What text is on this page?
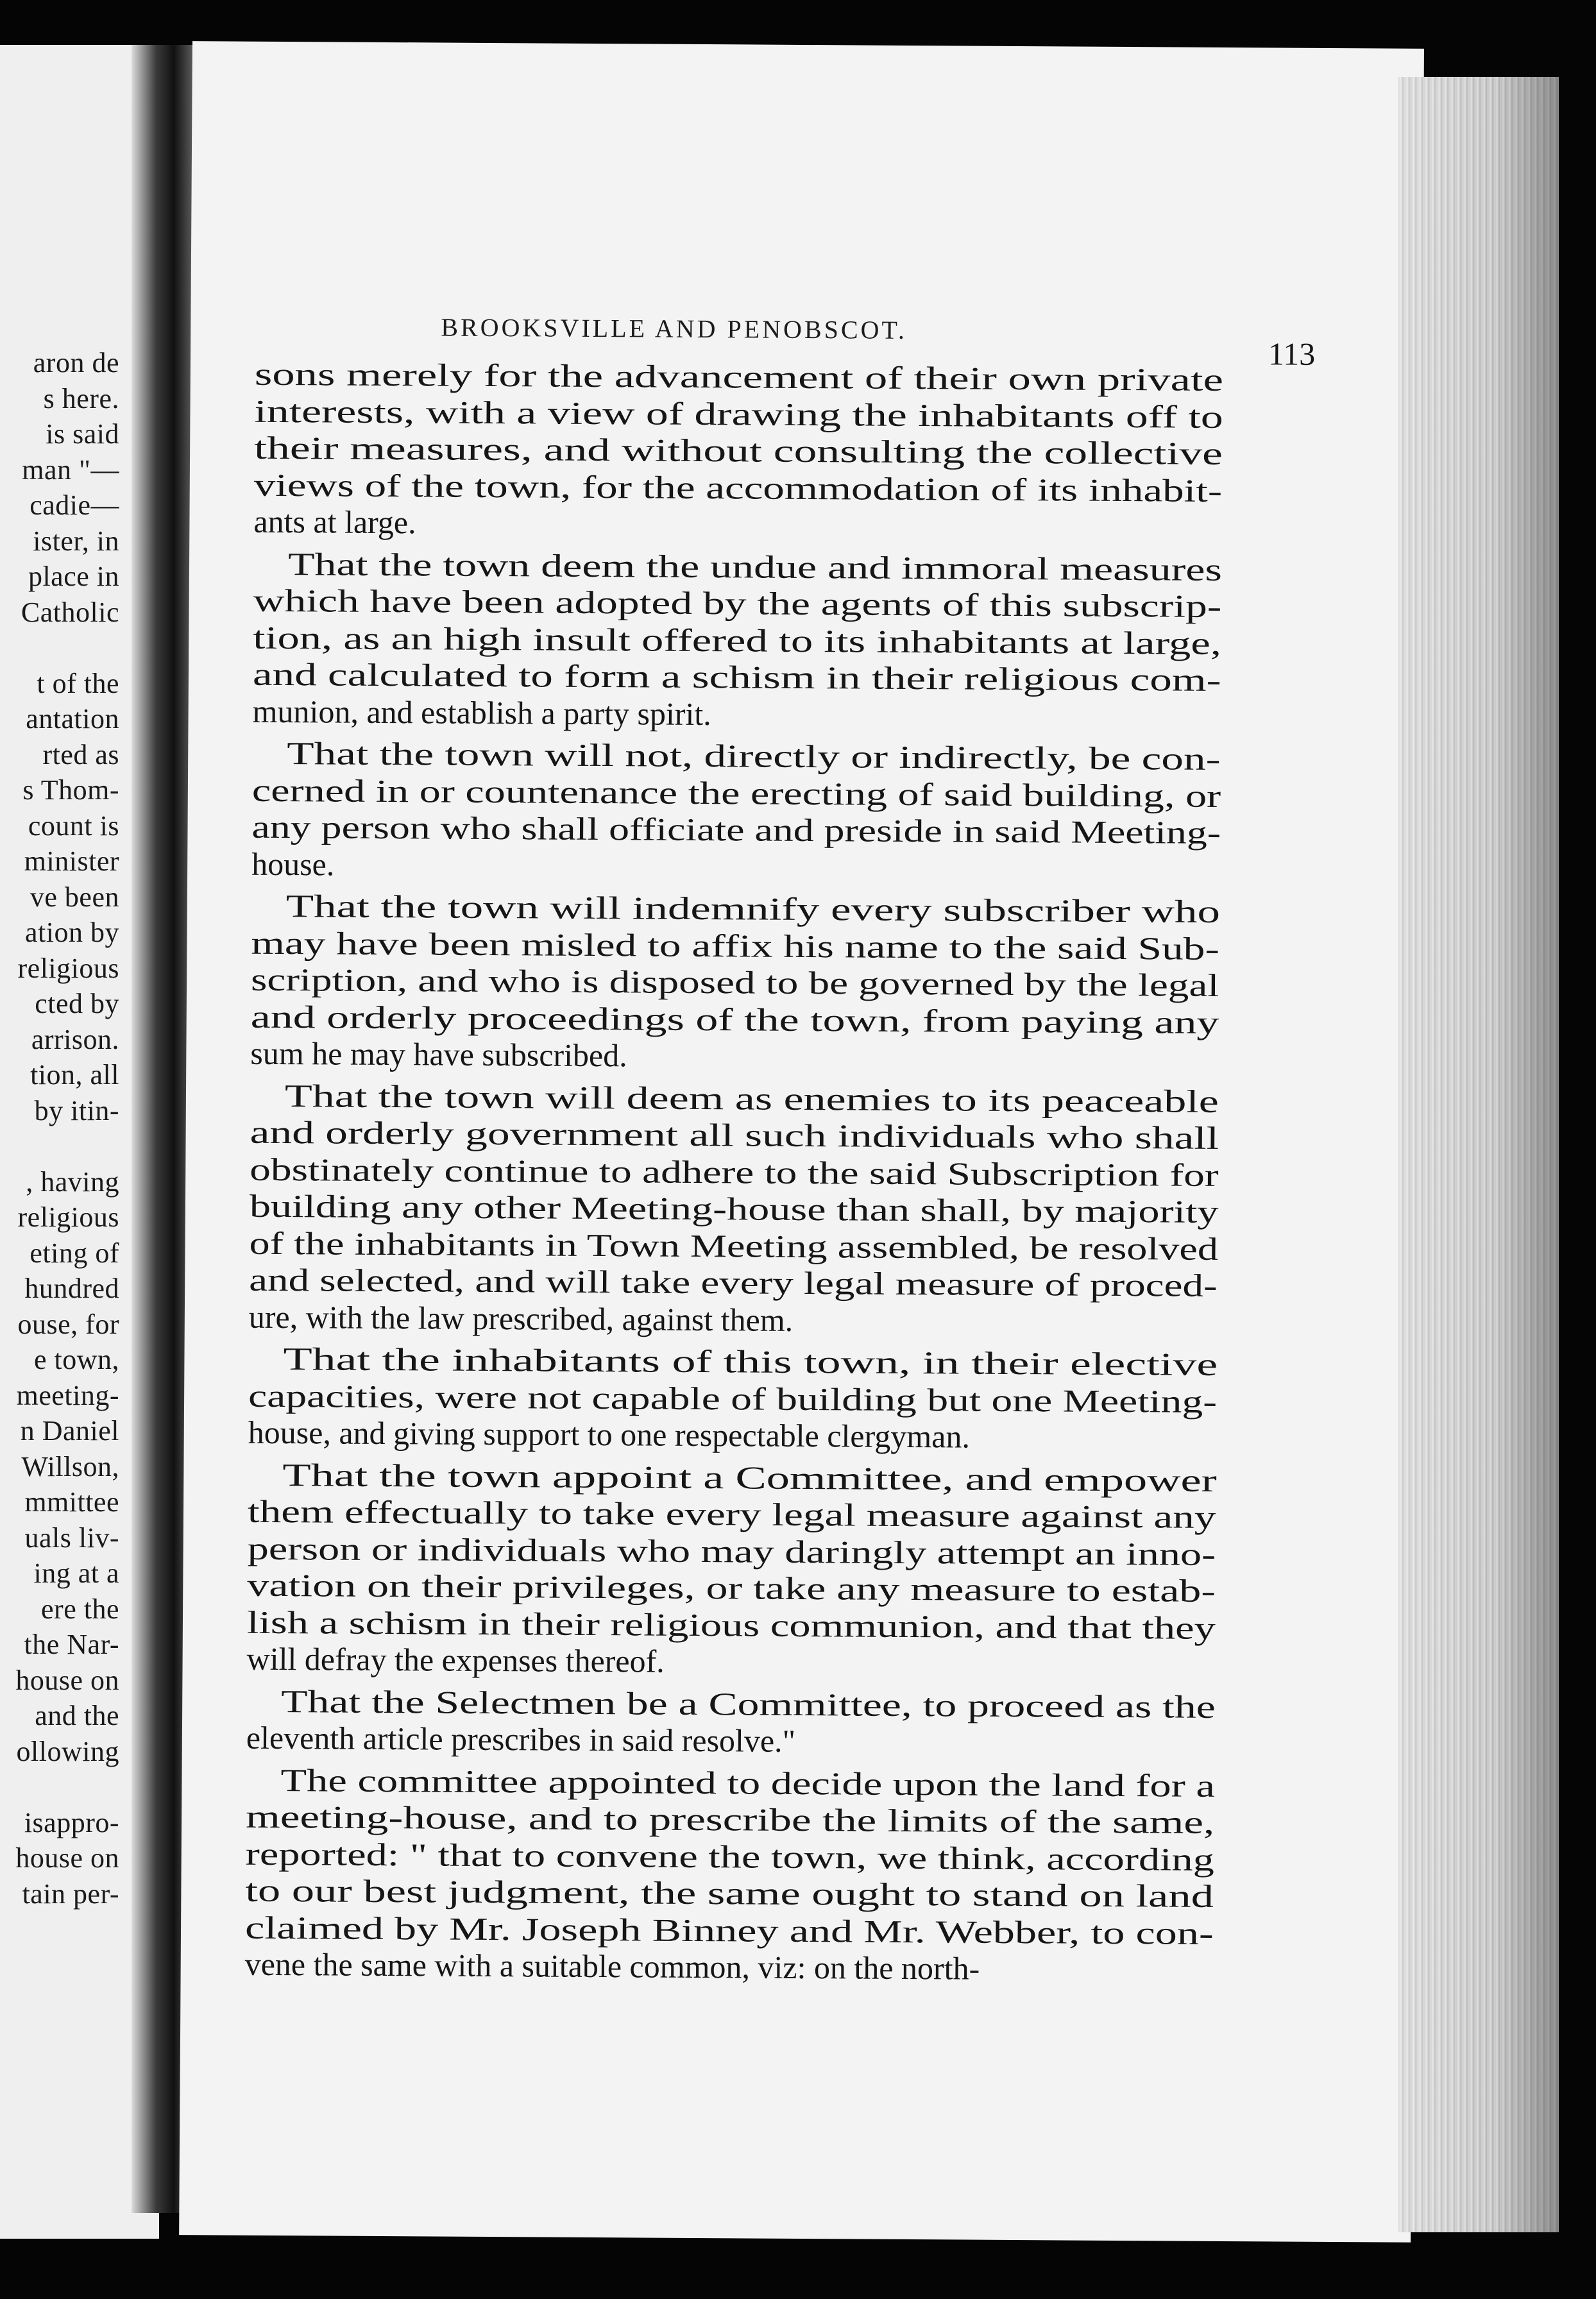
aron de
s here.
is said
man "—
cadie—
ister, in
place in
Catholic
t of the
antation
rted as
s Thom-
count is
minister
ve been
ation by
religious
cted by
arrison.
tion, all
by itin-
, having
religious
eting of
hundred
ouse, for
e town,
meeting-
n Daniel
Willson,
mmittee
uals liv-
ing at a
ere the
the Nar-
house on
and the
ollowing
isappro-
house on
tain per-
BROOKSVILLE AND PENOBSCOT.
113
sons merely for the advancement of their own private
interests, with a view of drawing the inhabitants off to
their measures, and without consulting the collective
views of the town, for the accommodation of its inhabit-
ants at large.
That the town deem the undue and immoral measures
which have been adopted by the agents of this subscrip-
tion, as an high insult offered to its inhabitants at large,
and calculated to form a schism in their religious com-
munion, and establish a party spirit.
That the town will not, directly or indirectly, be con-
cerned in or countenance the erecting of said building, or
any person who shall officiate and preside in said Meeting-
house.
That the town will indemnify every subscriber who
may have been misled to affix his name to the said Sub-
scription, and who is disposed to be governed by the legal
and orderly proceedings of the town, from paying any
sum he may have subscribed.
That the town will deem as enemies to its peaceable
and orderly government all such individuals who shall
obstinately continue to adhere to the said Subscription for
building any other Meeting-house than shall, by majority
of the inhabitants in Town Meeting assembled, be resolved
and selected, and will take every legal measure of proced-
ure, with the law prescribed, against them.
That the inhabitants of this town, in their elective
capacities, were not capable of building but one Meeting-
house, and giving support to one respectable clergyman.
That the town appoint a Committee, and empower
them effectually to take every legal measure against any
person or individuals who may daringly attempt an inno-
vation on their privileges, or take any measure to estab-
lish a schism in their religious communion, and that they
will defray the expenses thereof.
That the Selectmen be a Committee, to proceed as the
eleventh article prescribes in said resolve."
The committee appointed to decide upon the land for a
meeting-house, and to prescribe the limits of the same,
reported: " that to convene the town, we think, according
to our best judgment, the same ought to stand on land
claimed by Mr. Joseph Binney and Mr. Webber, to con-
vene the same with a suitable common, viz: on the north-
